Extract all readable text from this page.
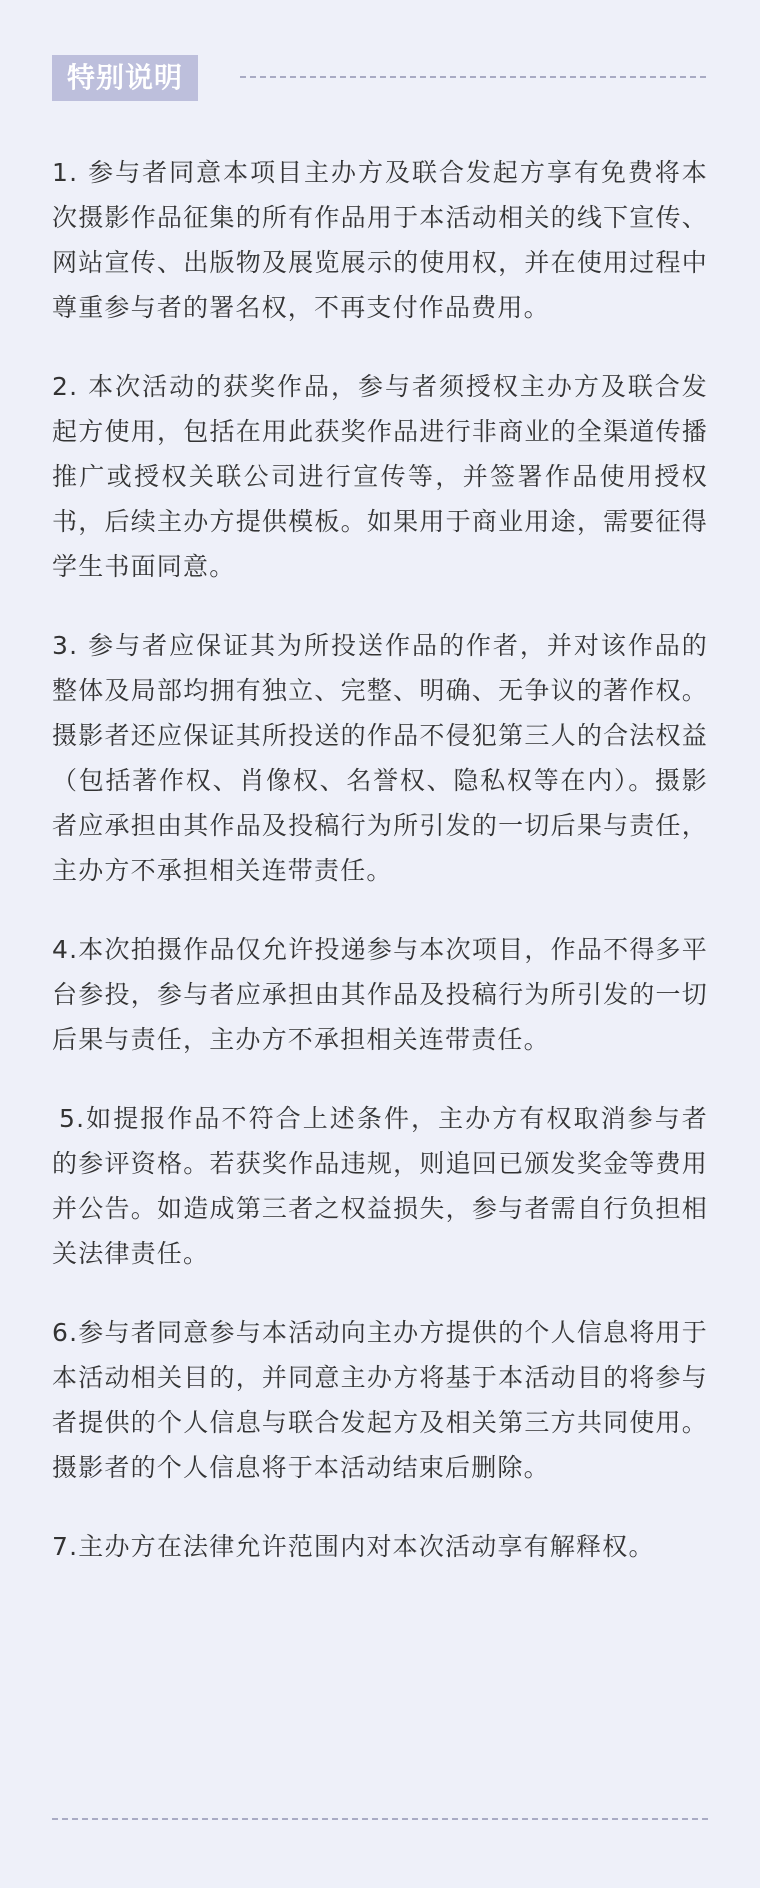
特别说明

1. 参与者同意本项目主办方及联合发起方享有免费将本次摄影作品征集的所有作品用于本活动相关的线下宣传、网站宣传、出版物及展览展示的使用权，并在使用过程中尊重参与者的署名权，不再支付作品费用。

2. 本次活动的获奖作品，参与者须授权主办方及联合发起方使用，包括在用此获奖作品进行非商业的全渠道传播推广或授权关联公司进行宣传等，并签署作品使用授权书，后续主办方提供模板。如果用于商业用途，需要征得学生书面同意。

3. 参与者应保证其为所投送作品的作者，并对该作品的整体及局部均拥有独立、完整、明确、无争议的著作权。摄影者还应保证其所投送的作品不侵犯第三人的合法权益（包括著作权、肖像权、名誉权、隐私权等在内）。摄影者应承担由其作品及投稿行为所引发的一切后果与责任，主办方不承担相关连带责任。

4.本次拍摄作品仅允许投递参与本次项目，作品不得多平台参投，参与者应承担由其作品及投稿行为所引发的一切后果与责任，主办方不承担相关连带责任。

5.如提报作品不符合上述条件，主办方有权取消参与者的参评资格。若获奖作品违规，则追回已颁发奖金等费用并公告。如造成第三者之权益损失，参与者需自行负担相关法律责任。

6.参与者同意参与本活动向主办方提供的个人信息将用于本活动相关目的，并同意主办方将基于本活动目的将参与者提供的个人信息与联合发起方及相关第三方共同使用。摄影者的个人信息将于本活动结束后删除。

7.主办方在法律允许范围内对本次活动享有解释权。
